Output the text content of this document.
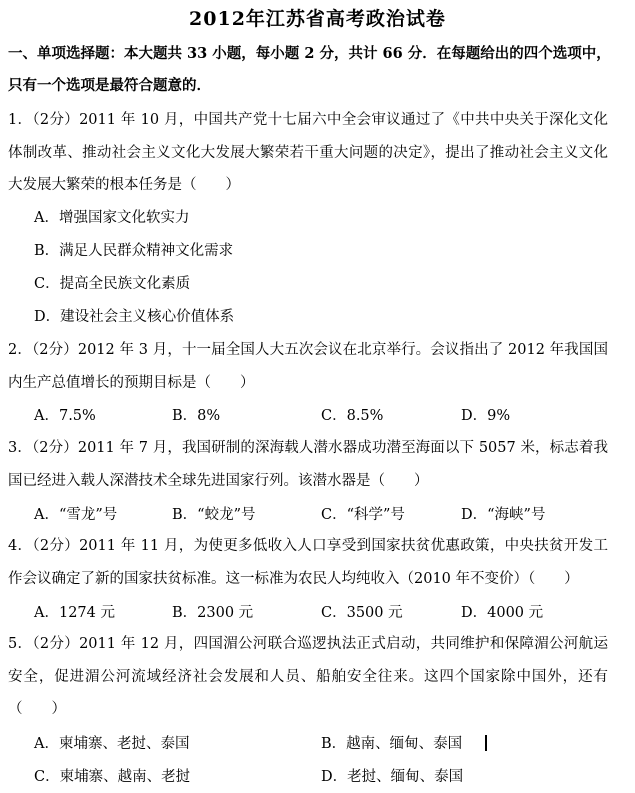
2012年江苏省高考政治试卷
一、单项选择题：本大题共 33 小题，每小题 2 分，共计 66 分．在每题给出的四个选项中，
只有一个选项是最符合题意的．
1．（2分）2011 年 10 月，中国共产党十七届六中全会审议通过了《中共中央关于深化文化体制改革、推动社会主义文化大发展大繁荣若干重大问题的决定》，提出了推动社会主义文化大发展大繁荣的根本任务是（　　）
A．增强国家文化软实力
B．满足人民群众精神文化需求
C．提高全民族文化素质
D．建设社会主义核心价值体系
2．（2分）2012 年 3 月，十一届全国人大五次会议在北京举行。会议指出了 2012 年我国国内生产总值增长的预期目标是（　　）
A．7.5%	B．8%	C．8.5%	D．9%
3．（2分）2011 年 7 月，我国研制的深海载人潜水器成功潜至海面以下 5057 米，标志着我国已经进入载人深潜技术全球先进国家行列。该潜水器是（　　）
A．“雪龙”号	B．“蛟龙”号	C．“科学”号	D．“海峡”号
4．（2分）2011 年 11 月，为使更多低收入人口享受到国家扶贫优惠政策，中央扶贫开发工作会议确定了新的国家扶贫标准。这一标准为农民人均纯收入（2010 年不变价）（　　）
A．1274 元	B．2300 元	C．3500 元	D．4000 元
5．（2分）2011 年 12 月，四国湄公河联合巡逻执法正式启动，共同维护和保障湄公河航运安全，促进湄公河流域经济社会发展和人员、船舶安全往来。这四个国家除中国外，还有（　　）
A．柬埔寨、老挝、泰国	B．越南、缅甸、泰国
C．柬埔寨、越南、老挝	D．老挝、缅甸、泰国
